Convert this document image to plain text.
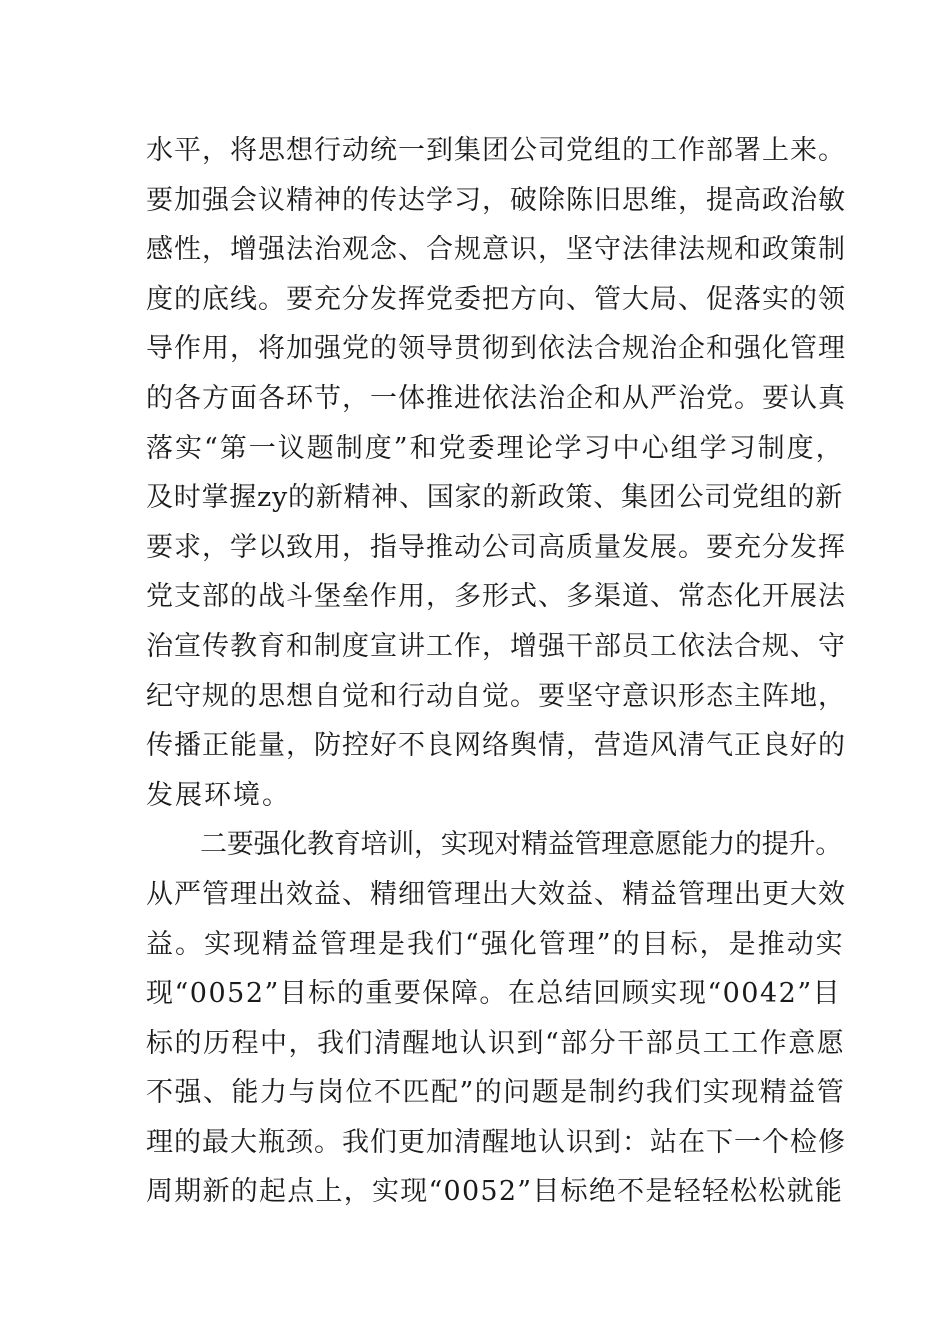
水平，将思想行动统一到集团公司党组的工作部署上来。
要加强会议精神的传达学习，破除陈旧思维，提高政治敏
感性，增强法治观念、合规意识，坚守法律法规和政策制
度的底线。要充分发挥党委把方向、管大局、促落实的领
导作用，将加强党的领导贯彻到依法合规治企和强化管理
的各方面各环节，一体推进依法治企和从严治党。要认真
落实“第一议题制度”和党委理论学习中心组学习制度，
及时掌握zy的新精神、国家的新政策、集团公司党组的新
要求，学以致用，指导推动公司高质量发展。要充分发挥
党支部的战斗堡垒作用，多形式、多渠道、常态化开展法
治宣传教育和制度宣讲工作，增强干部员工依法合规、守
纪守规的思想自觉和行动自觉。要坚守意识形态主阵地，
传播正能量，防控好不良网络舆情，营造风清气正良好的
发展环境。
二要强化教育培训，实现对精益管理意愿能力的提升。
从严管理出效益、精细管理出大效益、精益管理出更大效
益。实现精益管理是我们“强化管理”的目标，是推动实
现“0052”目标的重要保障。在总结回顾实现“0042”目
标的历程中，我们清醒地认识到“部分干部员工工作意愿
不强、能力与岗位不匹配”的问题是制约我们实现精益管
理的最大瓶颈。我们更加清醒地认识到：站在下一个检修
周期新的起点上，实现“0052”目标绝不是轻轻松松就能
